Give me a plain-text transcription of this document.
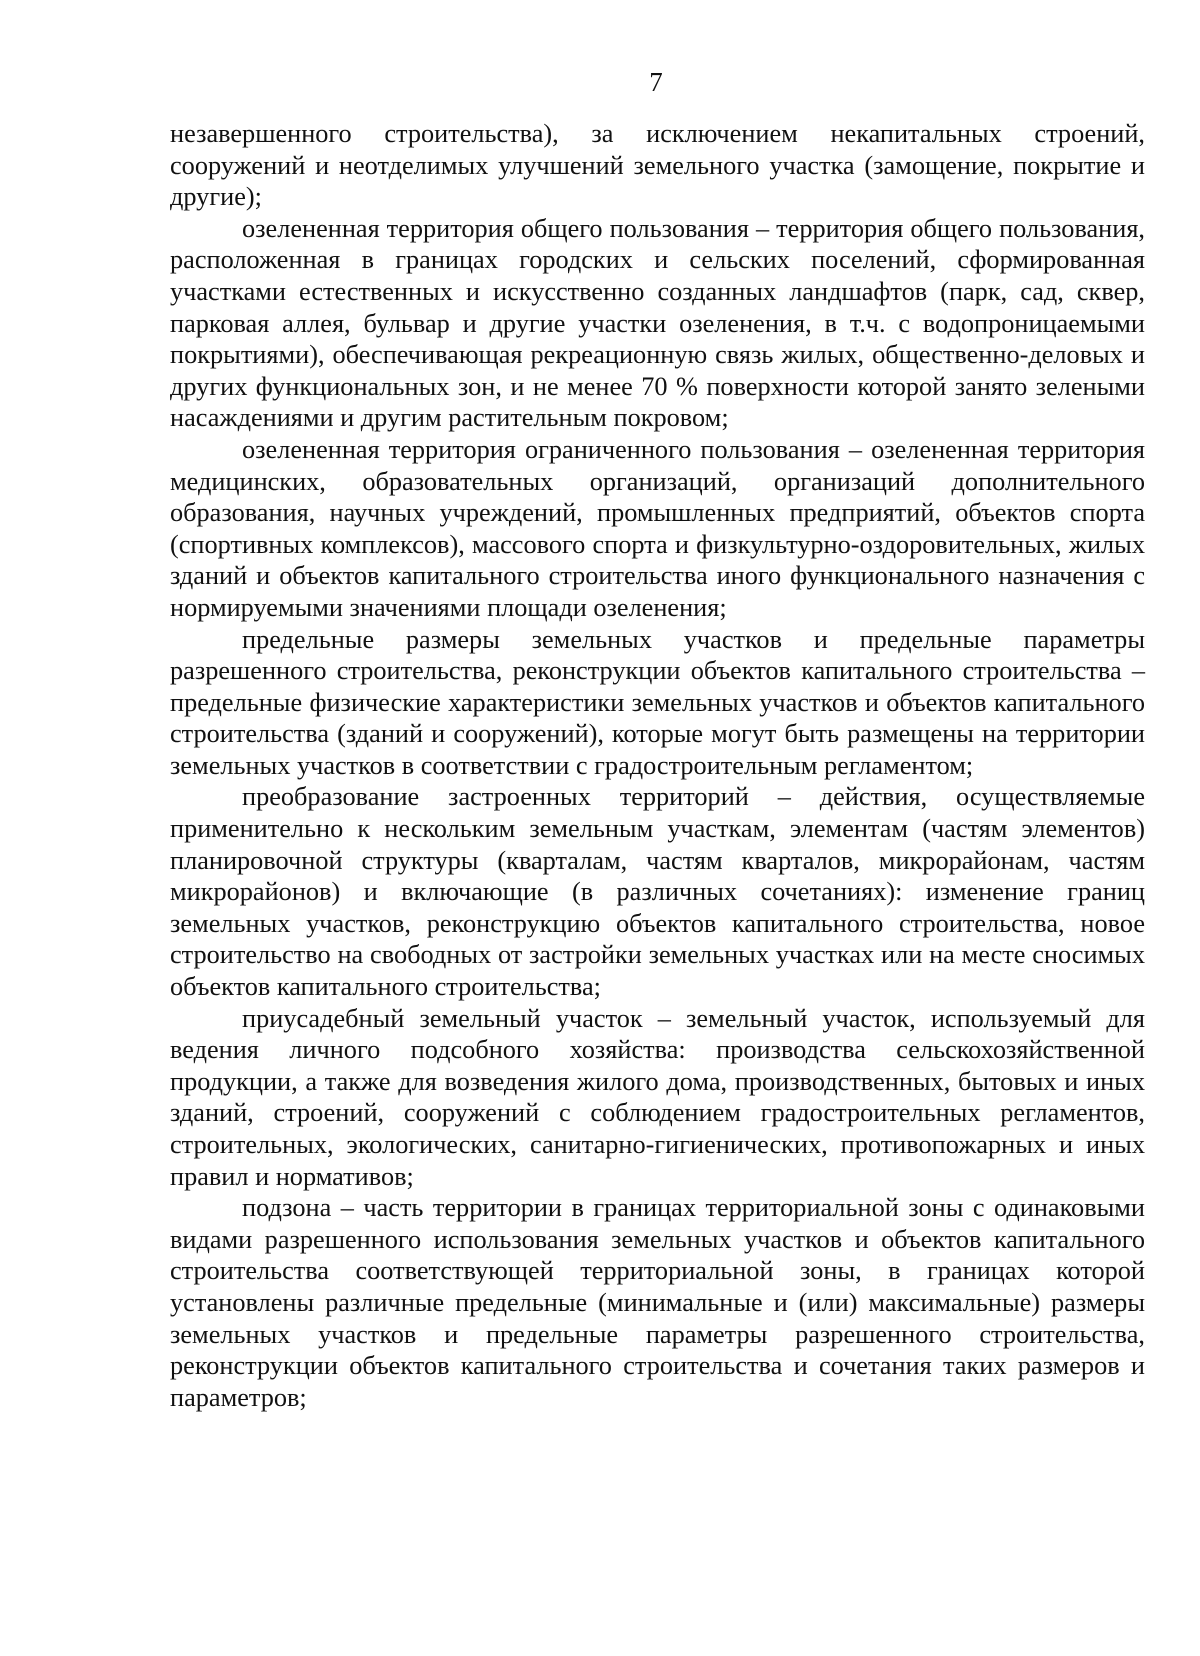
7

незавершенного строительства), за исключением некапитальных строений, сооружений и неотделимых улучшений земельного участка (замощение, покрытие и другие);

озелененная территория общего пользования – территория общего пользования, расположенная в границах городских и сельских поселений, сформированная участками естественных и искусственно созданных ландшафтов (парк, сад, сквер, парковая аллея, бульвар и другие участки озеленения, в т.ч. с водопроницаемыми покрытиями), обеспечивающая рекреационную связь жилых, общественно-деловых и других функциональных зон, и не менее 70 % поверхности которой занято зелеными насаждениями и другим растительным покровом;

озелененная территория ограниченного пользования – озелененная территория медицинских, образовательных организаций, организаций дополнительного образования, научных учреждений, промышленных предприятий, объектов спорта (спортивных комплексов), массового спорта и физкультурно-оздоровительных, жилых зданий и объектов капитального строительства иного функционального назначения с нормируемыми значениями площади озеленения;

предельные размеры земельных участков и предельные параметры разрешенного строительства, реконструкции объектов капитального строительства – предельные физические характеристики земельных участков и объектов капитального строительства (зданий и сооружений), которые могут быть размещены на территории земельных участков в соответствии с градостроительным регламентом;

преобразование застроенных территорий – действия, осуществляемые применительно к нескольким земельным участкам, элементам (частям элементов) планировочной структуры (кварталам, частям кварталов, микрорайонам, частям микрорайонов) и включающие (в различных сочетаниях): изменение границ земельных участков, реконструкцию объектов капитального строительства, новое строительство на свободных от застройки земельных участках или на месте сносимых объектов капитального строительства;

приусадебный земельный участок – земельный участок, используемый для ведения личного подсобного хозяйства: производства сельскохозяйственной продукции, а также для возведения жилого дома, производственных, бытовых и иных зданий, строений, сооружений с соблюдением градостроительных регламентов, строительных, экологических, санитарно-гигиенических, противопожарных и иных правил и нормативов;

подзона – часть территории в границах территориальной зоны с одинаковыми видами разрешенного использования земельных участков и объектов капитального строительства соответствующей территориальной зоны, в границах которой установлены различные предельные (минимальные и (или) максимальные) размеры земельных участков и предельные параметры разрешенного строительства, реконструкции объектов капитального строительства и сочетания таких размеров и параметров;
